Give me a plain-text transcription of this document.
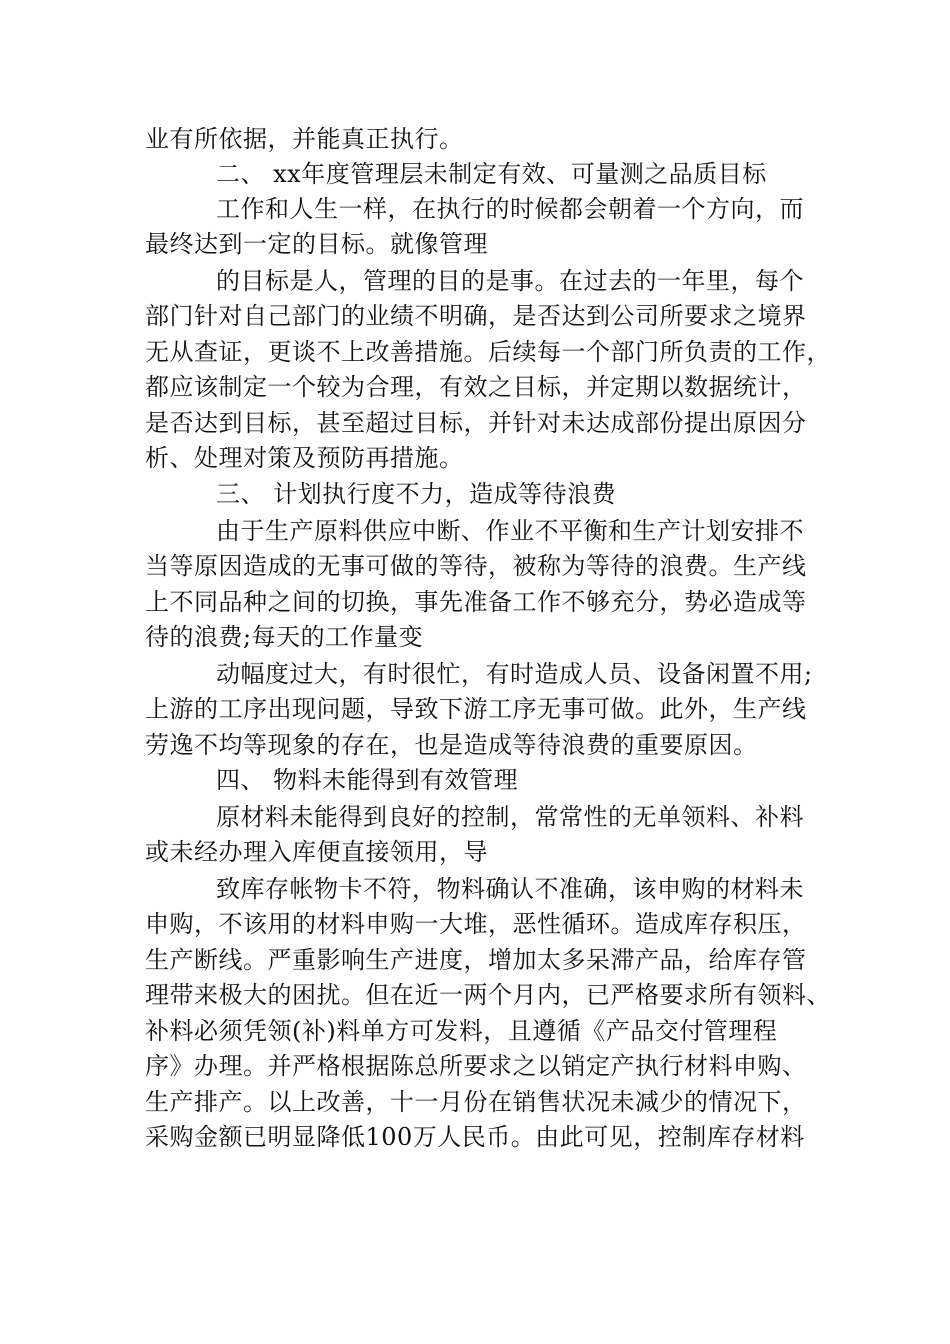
业有所依据，并能真正执行。
二、 xx年度管理层未制定有效、可量测之品质目标
工作和人生一样，在执行的时候都会朝着一个方向，而
最终达到一定的目标。就像管理
的目标是人，管理的目的是事。在过去的一年里，每个
部门针对自己部门的业绩不明确，是否达到公司所要求之境界
无从查证，更谈不上改善措施。后续每一个部门所负责的工作，
都应该制定一个较为合理，有效之目标，并定期以数据统计，
是否达到目标，甚至超过目标，并针对未达成部份提出原因分
析、处理对策及预防再措施。
三、 计划执行度不力，造成等待浪费
由于生产原料供应中断、作业不平衡和生产计划安排不
当等原因造成的无事可做的等待，被称为等待的浪费。生产线
上不同品种之间的切换，事先准备工作不够充分，势必造成等
待的浪费;每天的工作量变
动幅度过大，有时很忙，有时造成人员、设备闲置不用;
上游的工序出现问题，导致下游工序无事可做。此外，生产线
劳逸不均等现象的存在，也是造成等待浪费的重要原因。
四、 物料未能得到有效管理
原材料未能得到良好的控制，常常性的无单领料、补料
或未经办理入库便直接领用，导
致库存帐物卡不符，物料确认不准确，该申购的材料未
申购，不该用的材料申购一大堆，恶性循环。造成库存积压，
生产断线。严重影响生产进度，增加太多呆滞产品，给库存管
理带来极大的困扰。但在近一两个月内，已严格要求所有领料、
补料必须凭领(补)料单方可发料，且遵循《产品交付管理程
序》办理。并严格根据陈总所要求之以销定产执行材料申购、
生产排产。以上改善，十一月份在销售状况未减少的情况下，
采购金额已明显降低100万人民币。由此可见，控制库存材料
